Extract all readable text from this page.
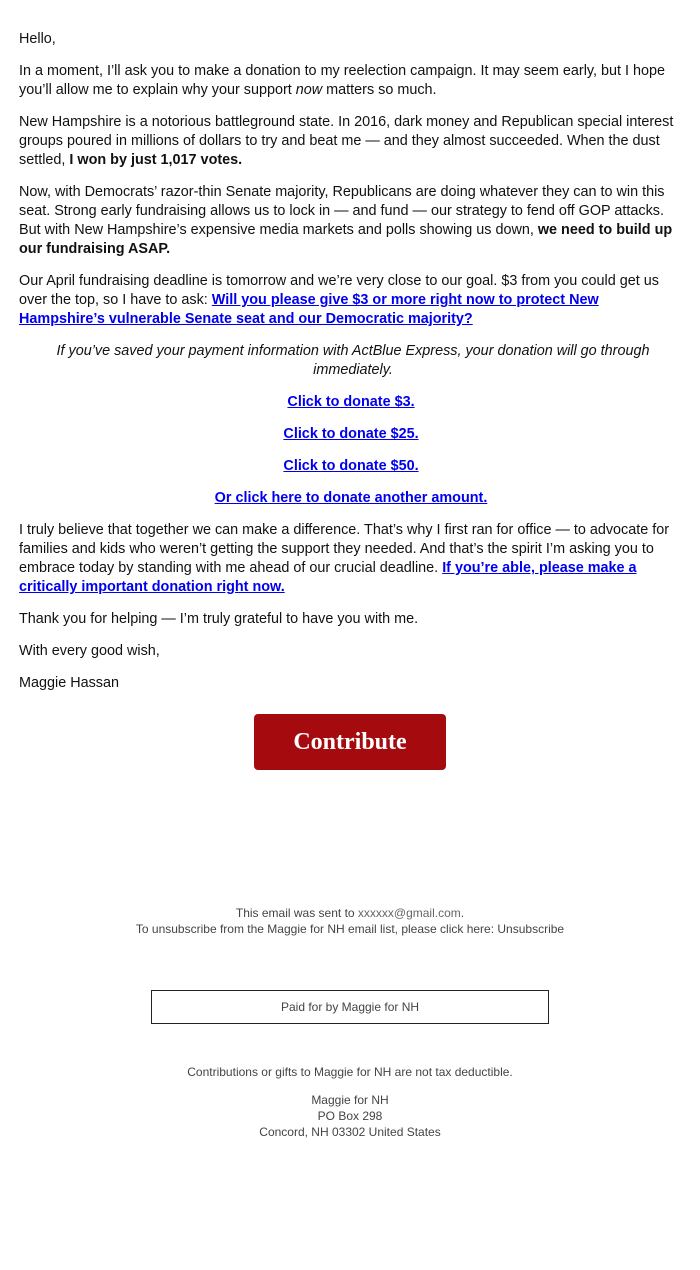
Hello,

In a moment, I’ll ask you to make a donation to my reelection campaign. It may seem early, but I hope you’ll allow me to explain why your support now matters so much.

New Hampshire is a notorious battleground state. In 2016, dark money and Republican special interest groups poured in millions of dollars to try and beat me — and they almost succeeded. When the dust settled, I won by just 1,017 votes.

Now, with Democrats’ razor-thin Senate majority, Republicans are doing whatever they can to win this seat. Strong early fundraising allows us to lock in — and fund — our strategy to fend off GOP attacks. But with New Hampshire’s expensive media markets and polls showing us down, we need to build up our fundraising ASAP.

Our April fundraising deadline is tomorrow and we’re very close to our goal. $3 from you could get us over the top, so I have to ask: Will you please give $3 or more right now to protect New Hampshire’s vulnerable Senate seat and our Democratic majority?

If you’ve saved your payment information with ActBlue Express, your donation will go through immediately.

Click to donate $3.
Click to donate $25.
Click to donate $50.
Or click here to donate another amount.

I truly believe that together we can make a difference. That’s why I first ran for office — to advocate for families and kids who weren’t getting the support they needed. And that’s the spirit I’m asking you to embrace today by standing with me ahead of our crucial deadline. If you’re able, please make a critically important donation right now.

Thank you for helping — I’m truly grateful to have you with me.

With every good wish,

Maggie Hassan

Contribute
This email was sent to xxxxxx@gmail.com.
To unsubscribe from the Maggie for NH email list, please click here: Unsubscribe
Paid for by Maggie for NH
Contributions or gifts to Maggie for NH are not tax deductible.
Maggie for NH
PO Box 298
Concord, NH 03302 United States
